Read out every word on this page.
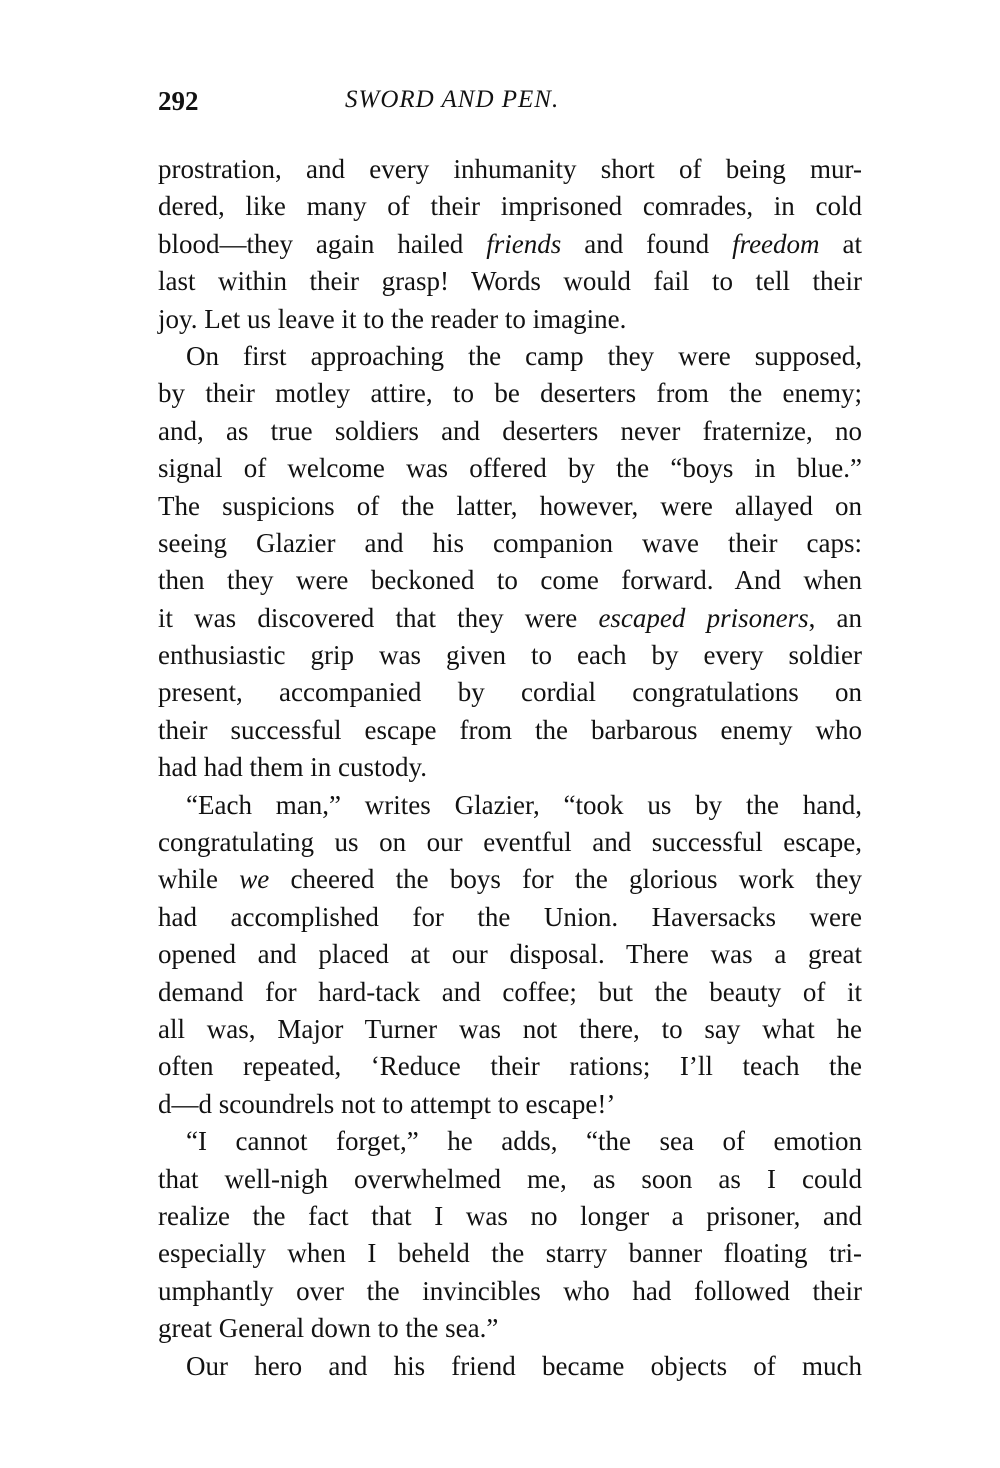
292	SWORD AND PEN.
prostration, and every inhumanity short of being mur-
dered, like many of their imprisoned comrades, in cold
blood—they again hailed friends and found freedom at
last within their grasp! Words would fail to tell their
joy. Let us leave it to the reader to imagine.
On first approaching the camp they were supposed,
by their motley attire, to be deserters from the enemy;
and, as true soldiers and deserters never fraternize, no
signal of welcome was offered by the “boys in blue.”
The suspicions of the latter, however, were allayed on
seeing Glazier and his companion wave their caps:
then they were beckoned to come forward. And when
it was discovered that they were escaped prisoners, an
enthusiastic grip was given to each by every soldier
present, accompanied by cordial congratulations on
their successful escape from the barbarous enemy who
had had them in custody.
“Each man,” writes Glazier, “took us by the hand,
congratulating us on our eventful and successful escape,
while we cheered the boys for the glorious work they
had accomplished for the Union. Haversacks were
opened and placed at our disposal. There was a great
demand for hard-tack and coffee; but the beauty of it
all was, Major Turner was not there, to say what he
often repeated, ‘Reduce their rations; I’ll teach the
d—d scoundrels not to attempt to escape!’
“I cannot forget,” he adds, “the sea of emotion
that well-nigh overwhelmed me, as soon as I could
realize the fact that I was no longer a prisoner, and
especially when I beheld the starry banner floating tri-
umphantly over the invincibles who had followed their
great General down to the sea.”
Our hero and his friend became objects of much
